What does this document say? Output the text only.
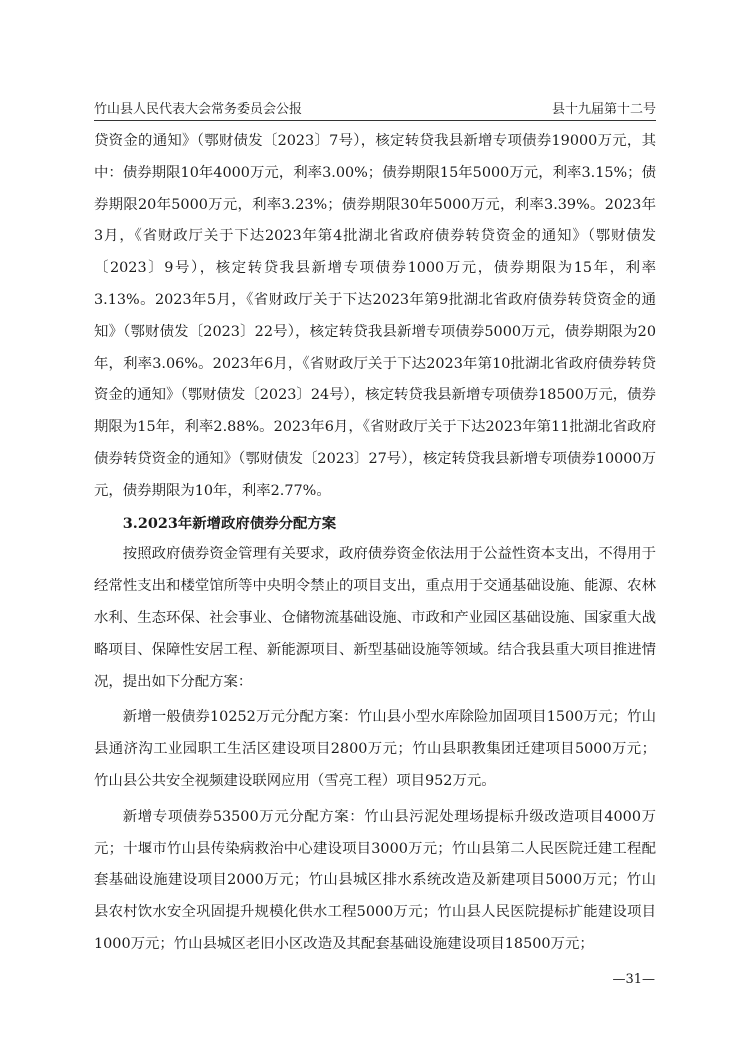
竹山县人民代表大会常务委员会公报	县十九届第十二号

贷资金的通知》（鄂财债发〔2023〕7号），核定转贷我县新增专项债券19000万元，其中：债券期限10年4000万元，利率3.00%；债券期限15年5000万元，利率3.15%；债券期限20年5000万元，利率3.23%；债券期限30年5000万元，利率3.39%。2023年3月，《省财政厅关于下达2023年第4批湖北省政府债券转贷资金的通知》（鄂财债发〔2023〕9号），核定转贷我县新增专项债券1000万元，债券期限为15年，利率3.13%。2023年5月，《省财政厅关于下达2023年第9批湖北省政府债券转贷资金的通知》（鄂财债发〔2023〕22号），核定转贷我县新增专项债券5000万元，债券期限为20年，利率3.06%。2023年6月，《省财政厅关于下达2023年第10批湖北省政府债券转贷资金的通知》（鄂财债发〔2023〕24号），核定转贷我县新增专项债券18500万元，债券期限为15年，利率2.88%。2023年6月，《省财政厅关于下达2023年第11批湖北省政府债券转贷资金的通知》（鄂财债发〔2023〕27号），核定转贷我县新增专项债券10000万元，债券期限为10年，利率2.77%。

3.2023年新增政府债券分配方案

按照政府债券资金管理有关要求，政府债券资金依法用于公益性资本支出，不得用于经常性支出和楼堂馆所等中央明令禁止的项目支出，重点用于交通基础设施、能源、农林水利、生态环保、社会事业、仓储物流基础设施、市政和产业园区基础设施、国家重大战略项目、保障性安居工程、新能源项目、新型基础设施等领域。结合我县重大项目推进情况，提出如下分配方案：

新增一般债券10252万元分配方案：竹山县小型水库除险加固项目1500万元；竹山县通济沟工业园职工生活区建设项目2800万元；竹山县职教集团迁建项目5000万元；竹山县公共安全视频建设联网应用（雪亮工程）项目952万元。

新增专项债券53500万元分配方案：竹山县污泥处理场提标升级改造项目4000万元；十堰市竹山县传染病救治中心建设项目3000万元；竹山县第二人民医院迁建工程配套基础设施建设项目2000万元；竹山县城区排水系统改造及新建项目5000万元；竹山县农村饮水安全巩固提升规模化供水工程5000万元；竹山县人民医院提标扩能建设项目1000万元；竹山县城区老旧小区改造及其配套基础设施建设项目18500万元；

—31—
